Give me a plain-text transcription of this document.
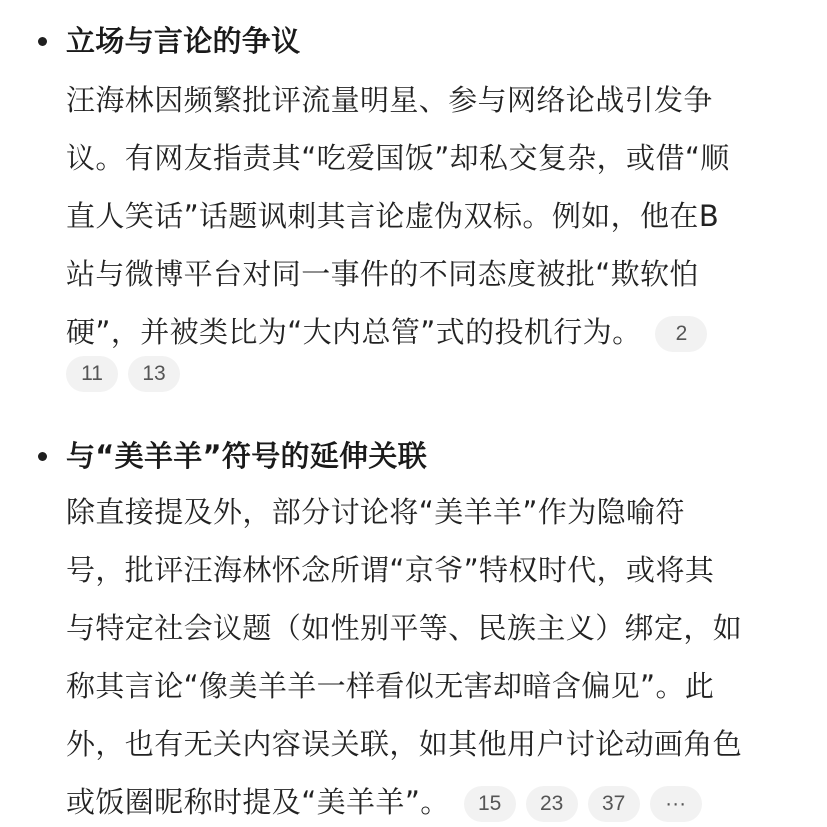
立场与言论的争议
汪海林因频繁批评流量明星、参与网络论战引发争
议。有网友指责其“吃爱国饭”却私交复杂，或借“顺
直人笑话”话题讽刺其言论虚伪双标。例如，他在B
站与微博平台对同一事件的不同态度被批“欺软怕
硬”，并被类比为“大内总管”式的投机行为。 2
11	13
与“美羊羊”符号的延伸关联
除直接提及外，部分讨论将“美羊羊”作为隐喻符
号，批评汪海林怀念所谓“京爷”特权时代，或将其
与特定社会议题（如性别平等、民族主义）绑定，如
称其言论“像美羊羊一样看似无害却暗含偏见”。此
外，也有无关内容误关联，如其他用户讨论动画角色
或饭圈昵称时提及“美羊羊”。 15 23 37 ···
